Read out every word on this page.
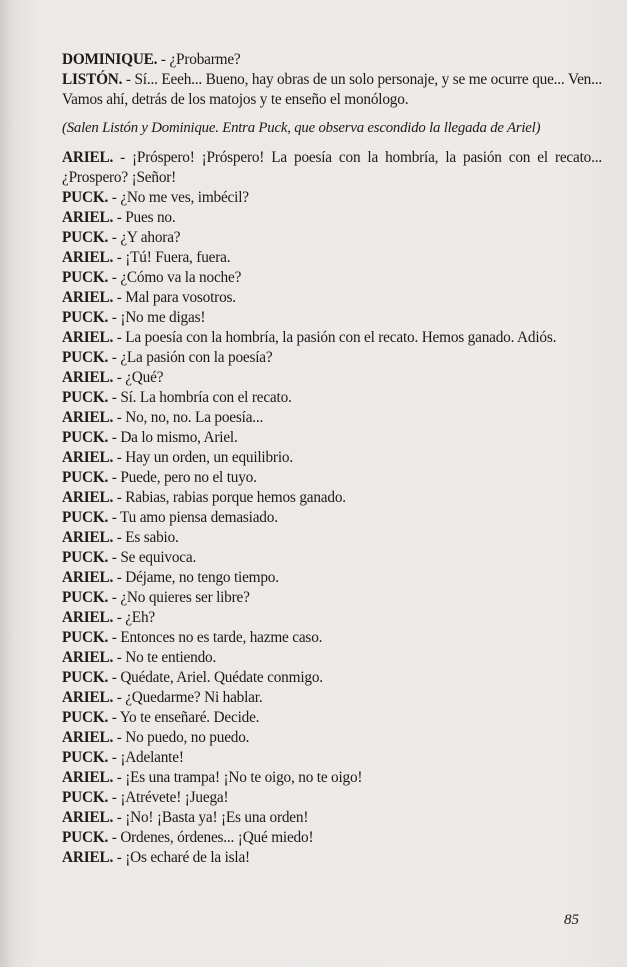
DOMINIQUE. - ¿Probarme?
LISTÓN. - Sí... Eeeh... Bueno, hay obras de un solo personaje, y se me ocurre que... Ven... Vamos ahí, detrás de los matojos y te enseño el monólogo.
(Salen Listón y Dominique. Entra Puck, que observa escondido la llegada de Ariel)
ARIEL. - ¡Próspero! ¡Próspero! La poesía con la hombría, la pasión con el recato... ¿Prospero? ¡Señor!
PUCK. - ¿No me ves, imbécil?
ARIEL. - Pues no.
PUCK. - ¿Y ahora?
ARIEL. - ¡Tú! Fuera, fuera.
PUCK. - ¿Cómo va la noche?
ARIEL. - Mal para vosotros.
PUCK. - ¡No me digas!
ARIEL. - La poesía con la hombría, la pasión con el recato. Hemos ganado. Adiós.
PUCK. - ¿La pasión con la poesía?
ARIEL. - ¿Qué?
PUCK. - Sí. La hombría con el recato.
ARIEL. - No, no, no. La poesía...
PUCK. - Da lo mismo, Ariel.
ARIEL. - Hay un orden, un equilibrio.
PUCK. - Puede, pero no el tuyo.
ARIEL. - Rabias, rabias porque hemos ganado.
PUCK. - Tu amo piensa demasiado.
ARIEL. - Es sabio.
PUCK. - Se equivoca.
ARIEL. - Déjame, no tengo tiempo.
PUCK. - ¿No quieres ser libre?
ARIEL. - ¿Eh?
PUCK. - Entonces no es tarde, hazme caso.
ARIEL. - No te entiendo.
PUCK. - Quédate, Ariel. Quédate conmigo.
ARIEL. - ¿Quedarme? Ni hablar.
PUCK. - Yo te enseñaré. Decide.
ARIEL. - No puedo, no puedo.
PUCK. - ¡Adelante!
ARIEL. - ¡Es una trampa! ¡No te oigo, no te oigo!
PUCK. - ¡Atrévete! ¡Juega!
ARIEL. - ¡No! ¡Basta ya! ¡Es una orden!
PUCK. - Ordenes, órdenes... ¡Qué miedo!
ARIEL. - ¡Os echaré de la isla!
85
